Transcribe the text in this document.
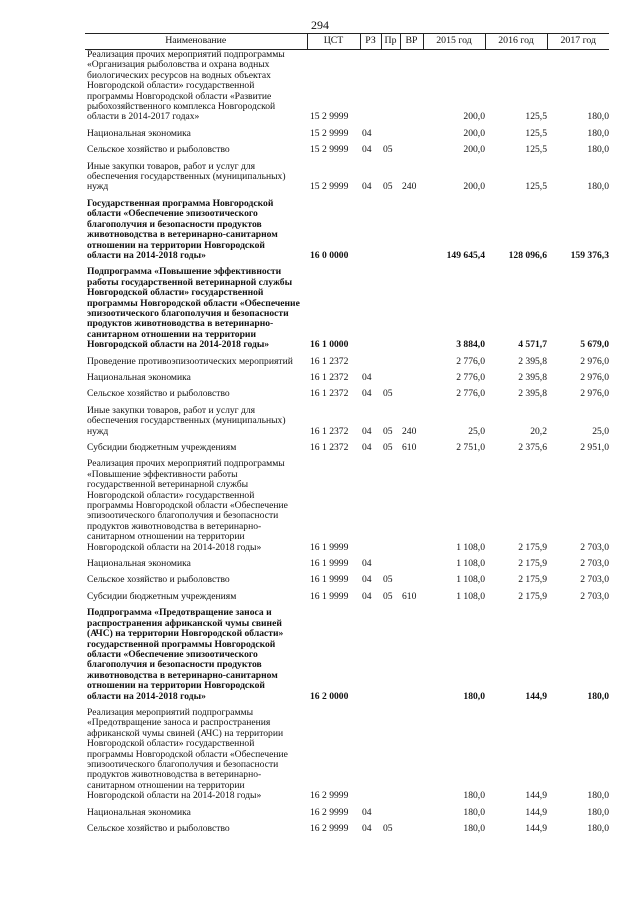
294
Наименование	ЦСТ	РЗ	Пр	ВР	2015 год	2016 год	2017 год
Реализация прочих мероприятий подпрограммы «Организация рыболовства и охрана водных биологических ресурсов на водных объектах Новгородской области» государственной программы Новгородской области «Развитие рыбохозяйственного комплекса Новгородской области в 2014-2017 годах»	15 2 9999				200,0	125,5	180,0
Национальная экономика	15 2 9999	04			200,0	125,5	180,0
Сельское хозяйство и рыболовство	15 2 9999	04	05		200,0	125,5	180,0
Иные закупки товаров, работ и услуг для обеспечения государственных (муниципальных) нужд	15 2 9999	04	05	240	200,0	125,5	180,0
Государственная программа Новгородской области «Обеспечение эпизоотического благополучия и безопасности продуктов животноводства в ветеринарно-санитарном отношении на территории Новгородской области на 2014-2018 годы»	16 0 0000				149 645,4	128 096,6	159 376,3
Подпрограмма «Повышение эффективности работы государственной ветеринарной службы Новгородской области» государственной программы Новгородской области «Обеспечение эпизоотического благополучия и безопасности продуктов животноводства в ветеринарно-санитарном отношении на территории Новгородской области на 2014-2018 годы»	16 1 0000				3 884,0	4 571,7	5 679,0
Проведение противоэпизоотических мероприятий	16 1 2372				2 776,0	2 395,8	2 976,0
Национальная экономика	16 1 2372	04			2 776,0	2 395,8	2 976,0
Сельское хозяйство и рыболовство	16 1 2372	04	05		2 776,0	2 395,8	2 976,0
Иные закупки товаров, работ и услуг для обеспечения государственных (муниципальных) нужд	16 1 2372	04	05	240	25,0	20,2	25,0
Субсидии бюджетным учреждениям	16 1 2372	04	05	610	2 751,0	2 375,6	2 951,0
Реализация прочих мероприятий подпрограммы «Повышение эффективности работы государственной ветеринарной службы Новгородской области» государственной программы Новгородской области «Обеспечение эпизоотического благополучия и безопасности продуктов животноводства в ветеринарно-санитарном отношении на территории Новгородской области на 2014-2018 годы»	16 1 9999				1 108,0	2 175,9	2 703,0
Национальная экономика	16 1 9999	04			1 108,0	2 175,9	2 703,0
Сельское хозяйство и рыболовство	16 1 9999	04	05		1 108,0	2 175,9	2 703,0
Субсидии бюджетным учреждениям	16 1 9999	04	05	610	1 108,0	2 175,9	2 703,0
Подпрограмма «Предотвращение заноса и распространения африканской чумы свиней (АЧС) на территории Новгородской области» государственной программы Новгородской области «Обеспечение эпизоотического благополучия и безопасности продуктов животноводства в ветеринарно-санитарном отношении на территории Новгородской области на 2014-2018 годы»	16 2 0000				180,0	144,9	180,0
Реализация мероприятий подпрограммы «Предотвращение заноса и распространения африканской чумы свиней (АЧС) на территории Новгородской области» государственной программы Новгородской области «Обеспечение эпизоотического благополучия и безопасности продуктов животноводства в ветеринарно-санитарном отношении на территории Новгородской области на 2014-2018 годы»	16 2 9999				180,0	144,9	180,0
Национальная экономика	16 2 9999	04			180,0	144,9	180,0
Сельское хозяйство и рыболовство	16 2 9999	04	05		180,0	144,9	180,0
